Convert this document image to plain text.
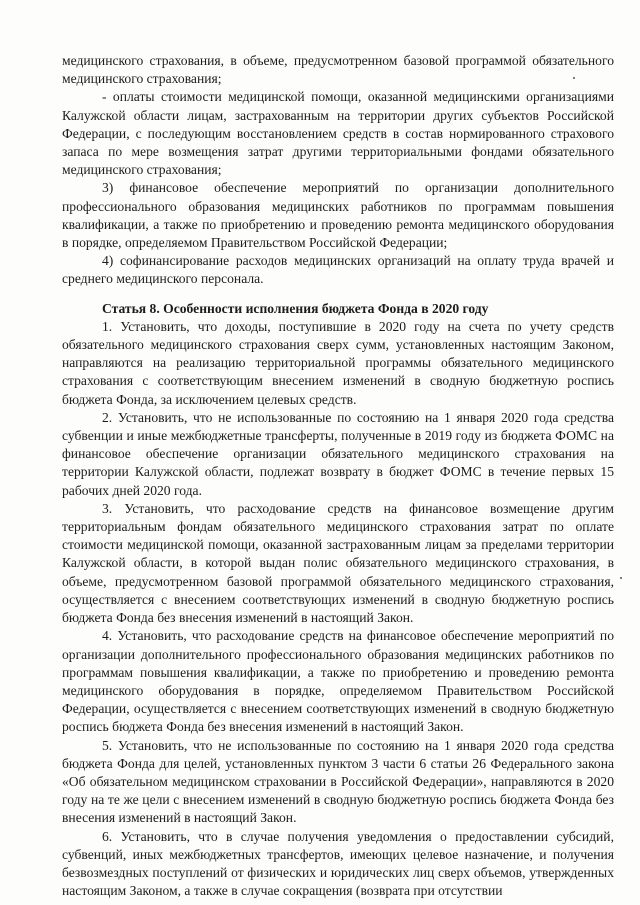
медицинского страхования, в объеме, предусмотренном базовой программой обязательного медицинского страхования;

- оплаты стоимости медицинской помощи, оказанной медицинскими организациями Калужской области лицам, застрахованным на территории других субъектов Российской Федерации, с последующим восстановлением средств в состав нормированного страхового запаса по мере возмещения затрат другими территориальными фондами обязательного медицинского страхования;

3) финансовое обеспечение мероприятий по организации дополнительного профессионального образования медицинских работников по программам повышения квалификации, а также по приобретению и проведению ремонта медицинского оборудования в порядке, определяемом Правительством Российской Федерации;

4) софинансирование расходов медицинских организаций на оплату труда врачей и среднего медицинского персонала.

Статья 8. Особенности исполнения бюджета Фонда в 2020 году

1. Установить, что доходы, поступившие в 2020 году на счета по учету средств обязательного медицинского страхования сверх сумм, установленных настоящим Законом, направляются на реализацию территориальной программы обязательного медицинского страхования с соответствующим внесением изменений в сводную бюджетную роспись бюджета Фонда, за исключением целевых средств.

2. Установить, что не использованные по состоянию на 1 января 2020 года средства субвенции и иные межбюджетные трансферты, полученные в 2019 году из бюджета ФОМС на финансовое обеспечение организации обязательного медицинского страхования на территории Калужской области, подлежат возврату в бюджет ФОМС в течение первых 15 рабочих дней 2020 года.

3. Установить, что расходование средств на финансовое возмещение другим территориальным фондам обязательного медицинского страхования затрат по оплате стоимости медицинской помощи, оказанной застрахованным лицам за пределами территории Калужской области, в которой выдан полис обязательного медицинского страхования, в объеме, предусмотренном базовой программой обязательного медицинского страхования, осуществляется с внесением соответствующих изменений в сводную бюджетную роспись бюджета Фонда без внесения изменений в настоящий Закон.

4. Установить, что расходование средств на финансовое обеспечение мероприятий по организации дополнительного профессионального образования медицинских работников по программам повышения квалификации, а также по приобретению и проведению ремонта медицинского оборудования в порядке, определяемом Правительством Российской Федерации, осуществляется с внесением соответствующих изменений в сводную бюджетную роспись бюджета Фонда без внесения изменений в настоящий Закон.

5. Установить, что не использованные по состоянию на 1 января 2020 года средства бюджета Фонда для целей, установленных пунктом 3 части 6 статьи 26 Федерального закона «Об обязательном медицинском страховании в Российской Федерации», направляются в 2020 году на те же цели с внесением изменений в сводную бюджетную роспись бюджета Фонда без внесения изменений в настоящий Закон.

6. Установить, что в случае получения уведомления о предоставлении субсидий, субвенций, иных межбюджетных трансфертов, имеющих целевое назначение, и получения безвозмездных поступлений от физических и юридических лиц сверх объемов, утвержденных настоящим Законом, а также в случае сокращения (возврата при отсутствии
